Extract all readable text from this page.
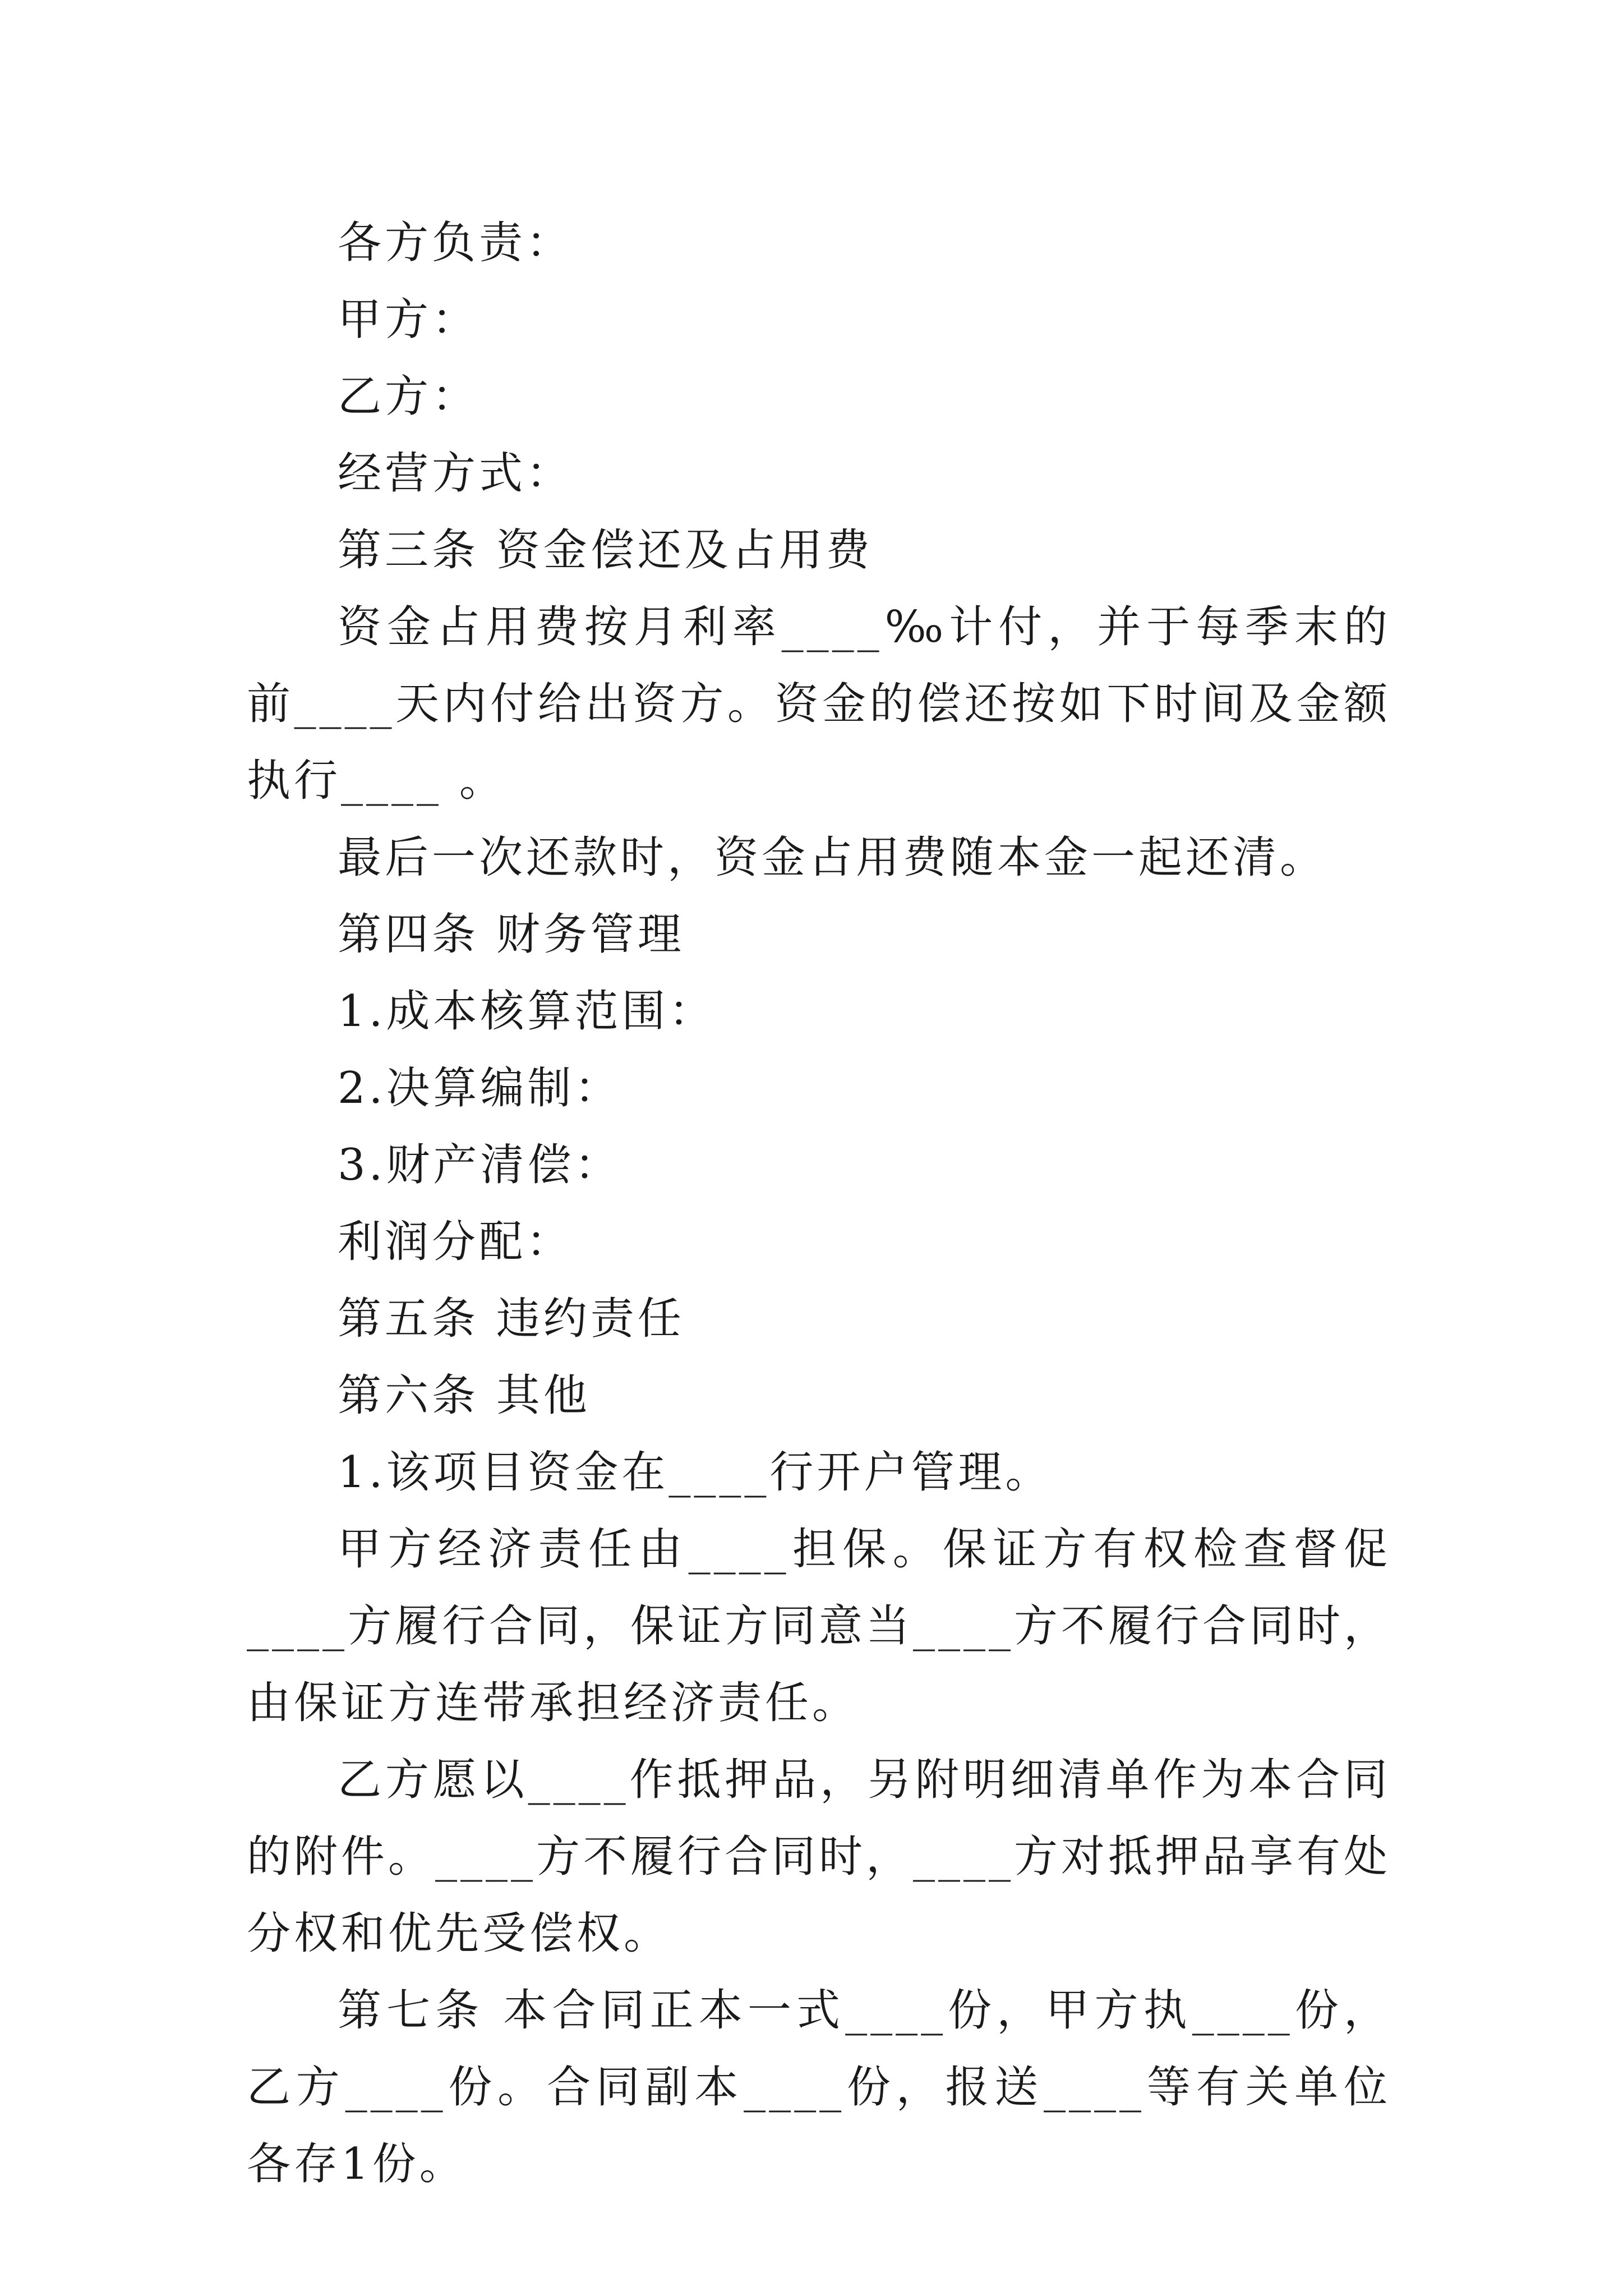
各方负责：

甲方：

乙方：

经营方式：

第三条 资金偿还及占用费

资金占用费按月利率____‰计付，并于每季末的前____天内付给出资方。资金的偿还按如下时间及金额执行____ 。

最后一次还款时，资金占用费随本金一起还清。

第四条 财务管理

1.成本核算范围：

2.决算编制：

3.财产清偿：

利润分配：

第五条 违约责任

第六条 其他

1.该项目资金在____行开户管理。

甲方经济责任由____担保。保证方有权检查督促____方履行合同，保证方同意当____方不履行合同时，由保证方连带承担经济责任。

乙方愿以____作抵押品，另附明细清单作为本合同的附件。____方不履行合同时，____方对抵押品享有处分权和优先受偿权。

第七条 本合同正本一式____份，甲方执____份，乙方____份。合同副本____份，报送____等有关单位各存1份。
